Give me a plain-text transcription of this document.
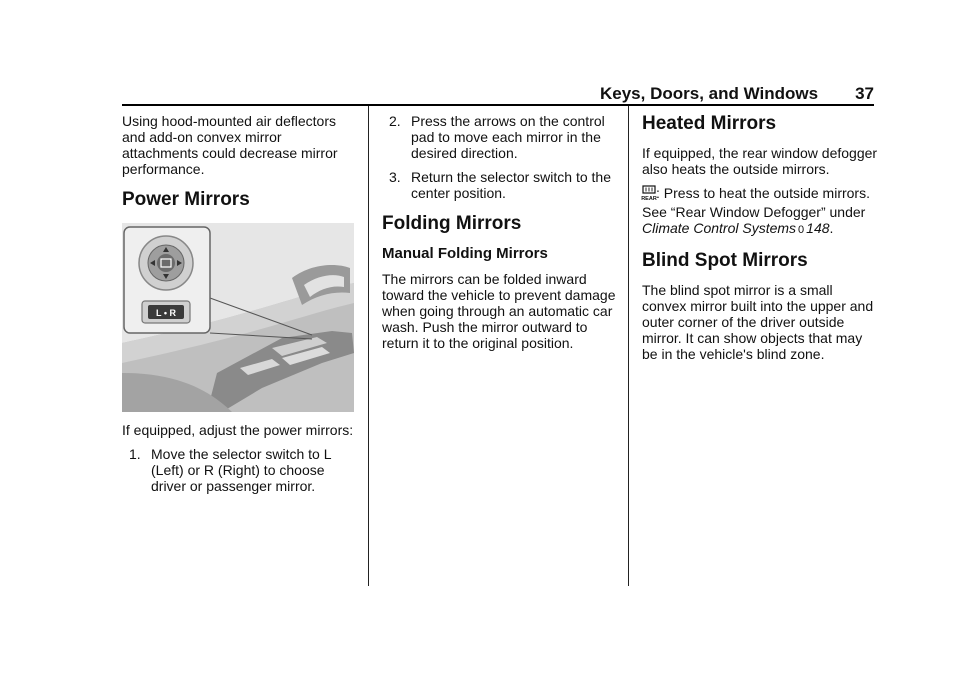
Keys, Doors, and Windows 37

Using hood-mounted air deflectors and add-on convex mirror attachments could decrease mirror performance.

Power Mirrors
L • R

If equipped, adjust the power mirrors:

1. Move the selector switch to L (Left) or R (Right) to choose driver or passenger mirror.
2. Press the arrows on the control pad to move each mirror in the desired direction.
3. Return the selector switch to the center position.
Folding Mirrors
Manual Folding Mirrors

The mirrors can be folded inward toward the vehicle to prevent damage when going through an automatic car wash. Push the mirror outward to return it to the original position.

Heated Mirrors

If equipped, the rear window defogger also heats the outside mirrors.

REAR : Press to heat the outside mirrors. See “Rear Window Defogger” under Climate Control Systems 0 148.

Blind Spot Mirrors

The blind spot mirror is a small convex mirror built into the upper and outer corner of the driver outside mirror. It can show objects that may be in the vehicle's blind zone.
